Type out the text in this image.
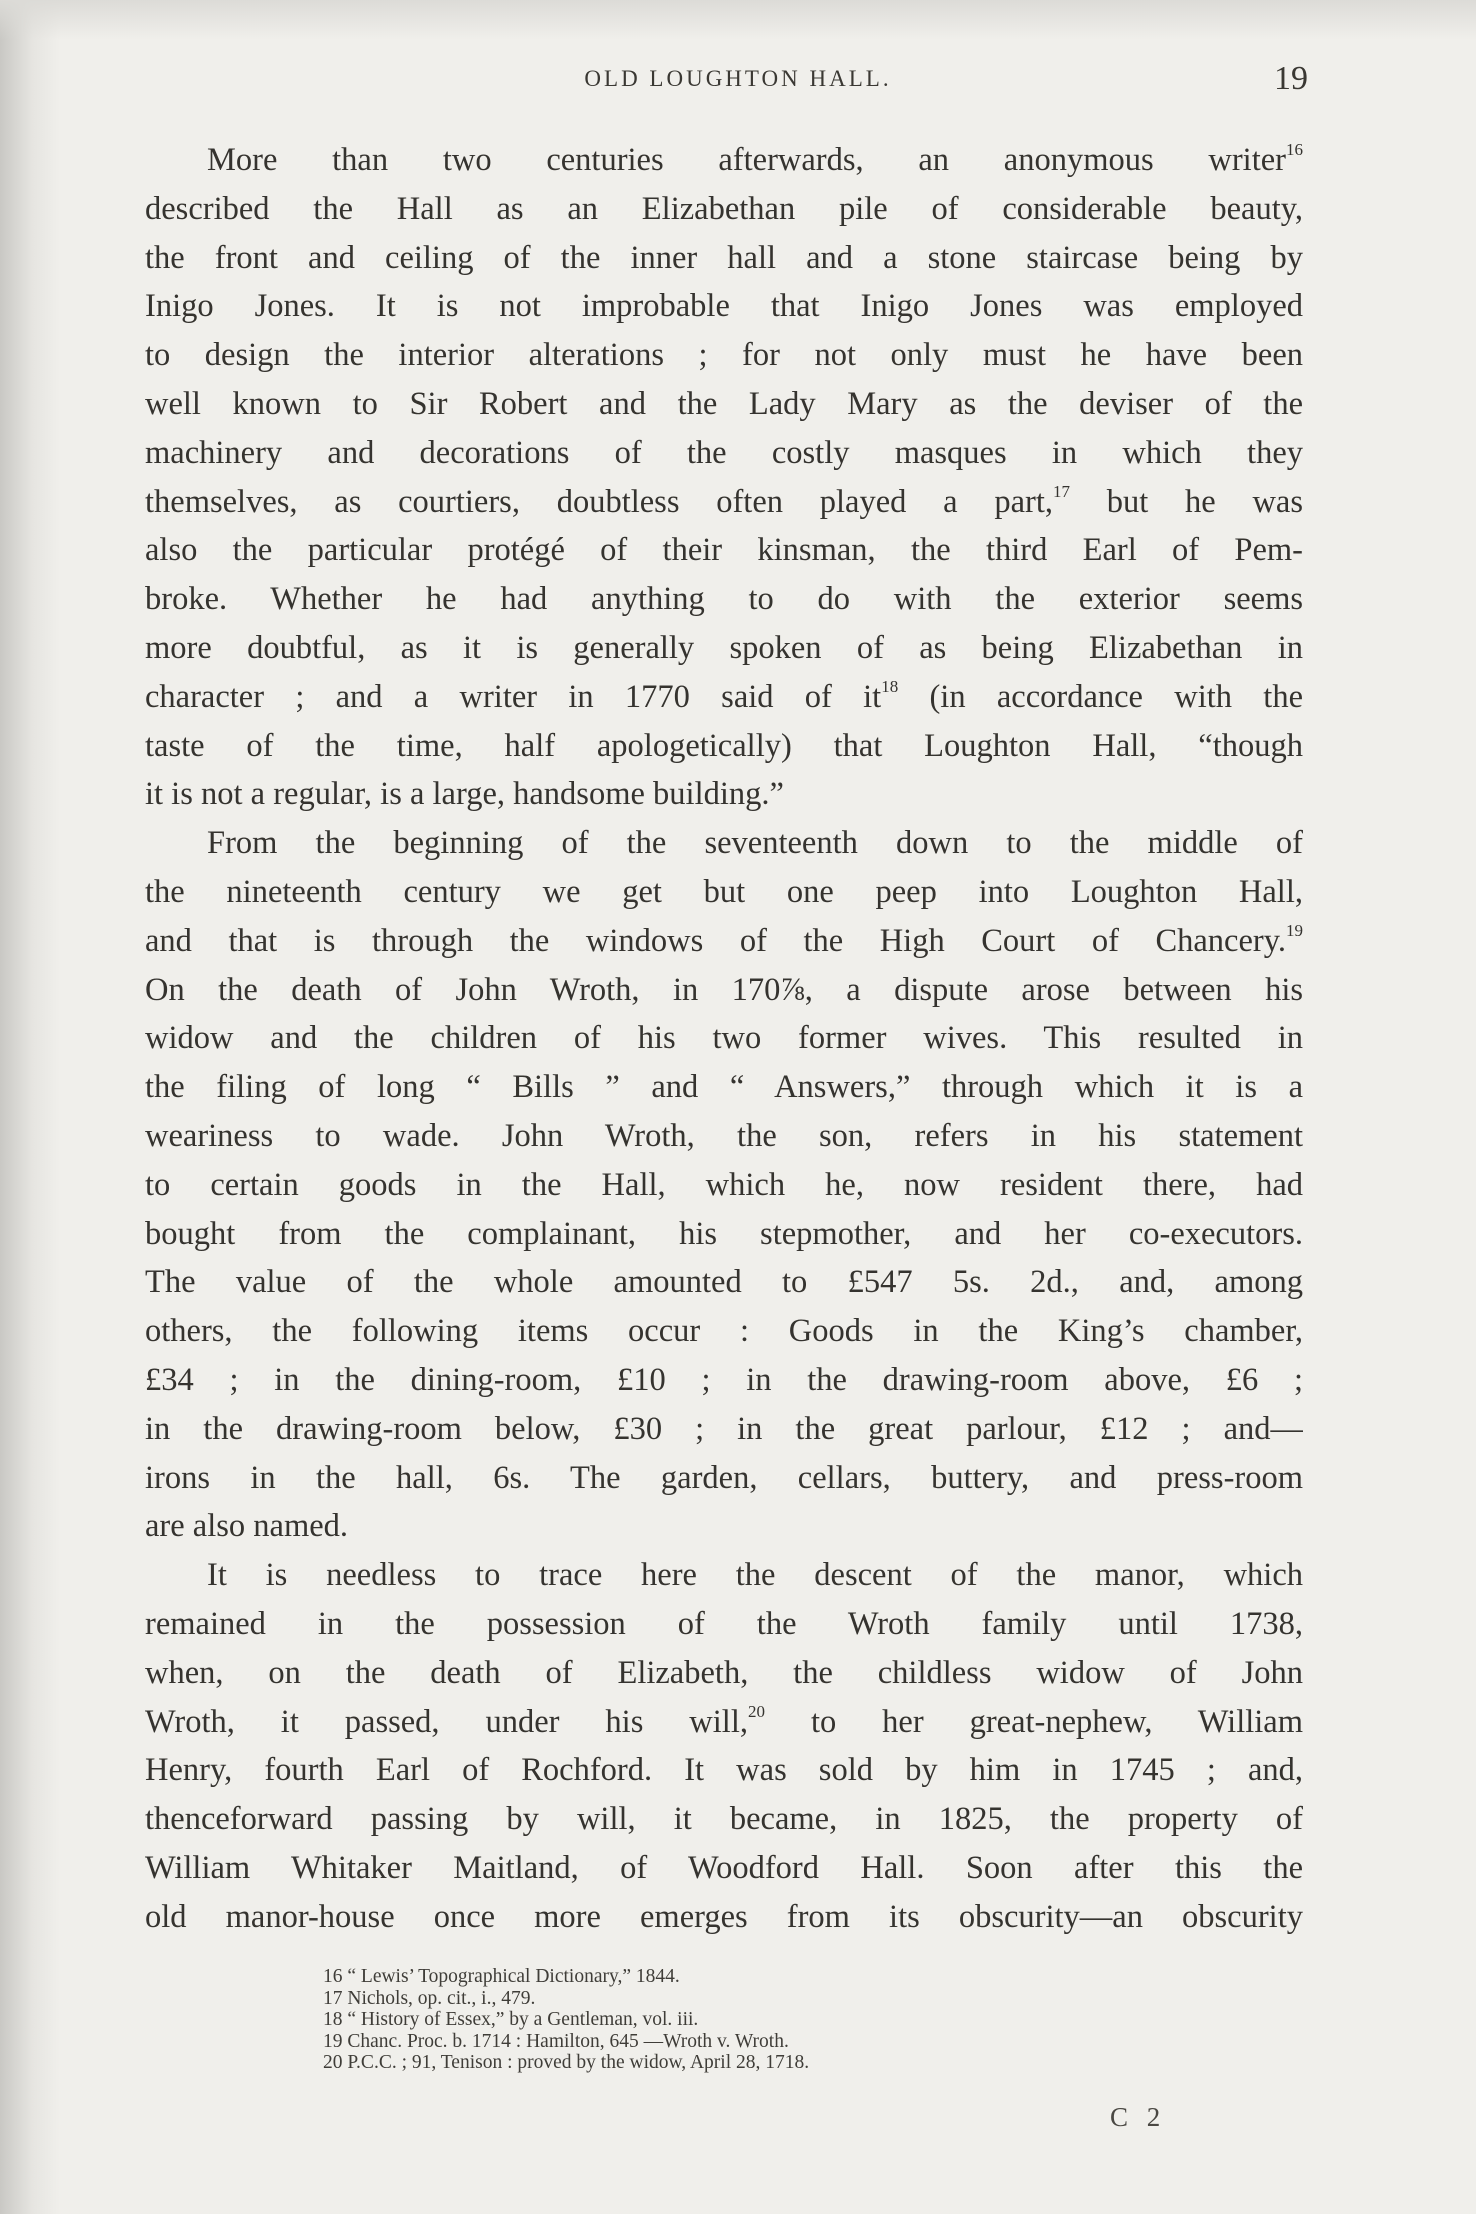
OLD LOUGHTON HALL.	19
More than two centuries afterwards, an anonymous writer$^{16}$
described the Hall as an Elizabethan pile of considerable beauty,
the front and ceiling of the inner hall and a stone staircase being by
Inigo Jones. It is not improbable that Inigo Jones was employed
to design the interior alterations ; for not only must he have been
well known to Sir Robert and the Lady Mary as the deviser of the
machinery and decorations of the costly masques in which they
themselves, as courtiers, doubtless often played a part,$^{17}$ but he was
also the particular protégé of their kinsman, the third Earl of Pem-
broke. Whether he had anything to do with the exterior seems
more doubtful, as it is generally spoken of as being Elizabethan in
character ; and a writer in 1770 said of $it^{18}$ (in accordance with the
taste of the time, half apologetically) that Loughton Hall, “though
it is not a regular, is a large, handsome building.”
From the beginning of the seventeenth down to the middle of
the nineteenth century we get but one peep into Loughton Hall,
and that is through the windows of the High Court of Chancery.$^{19}$
On the death of John Wroth, in 170⅞, a dispute arose between his
widow and the children of his two former wives. This resulted in
the filing of long “ Bills ” and “ Answers,” through which it is a
weariness to wade. John Wroth, the son, refers in his statement
to certain goods in the Hall, which he, now resident there, had
bought from the complainant, his stepmother, and her co-executors.
The value of the whole amounted to £547 5s. 2d., and, among
others, the following items occur : Goods in the King’s chamber,
£34 ; in the dining-room, £10 ; in the drawing-room above, £6 ;
in the drawing-room below, £30 ; in the great parlour, £12 ; and—
irons in the hall, 6s. The garden, cellars, buttery, and press-room
are also named.
It is needless to trace here the descent of the manor, which
remained in the possession of the Wroth family until 1738,
when, on the death of Elizabeth, the childless widow of John
Wroth, it passed, under his will,$^{20}$ to her great-nephew, William
Henry, fourth Earl of Rochford. It was sold by him in 1745 ; and,
thenceforward passing by will, it became, in 1825, the property of
William Whitaker Maitland, of Woodford Hall. Soon after this the
old manor-house once more emerges from its obscurity—an obscurity
16 “ Lewis’ Topographical Dictionary,” 1844.
17 Nichols, op. cit., i., 479.
18 “ History of Essex,” by a Gentleman, vol. iii.
19 Chanc. Proc. b. 1714 : Hamilton, 645 —Wroth v. Wroth.
20 P.C.C. ; 91, Tenison : proved by the widow, April 28, 1718.
C 2
